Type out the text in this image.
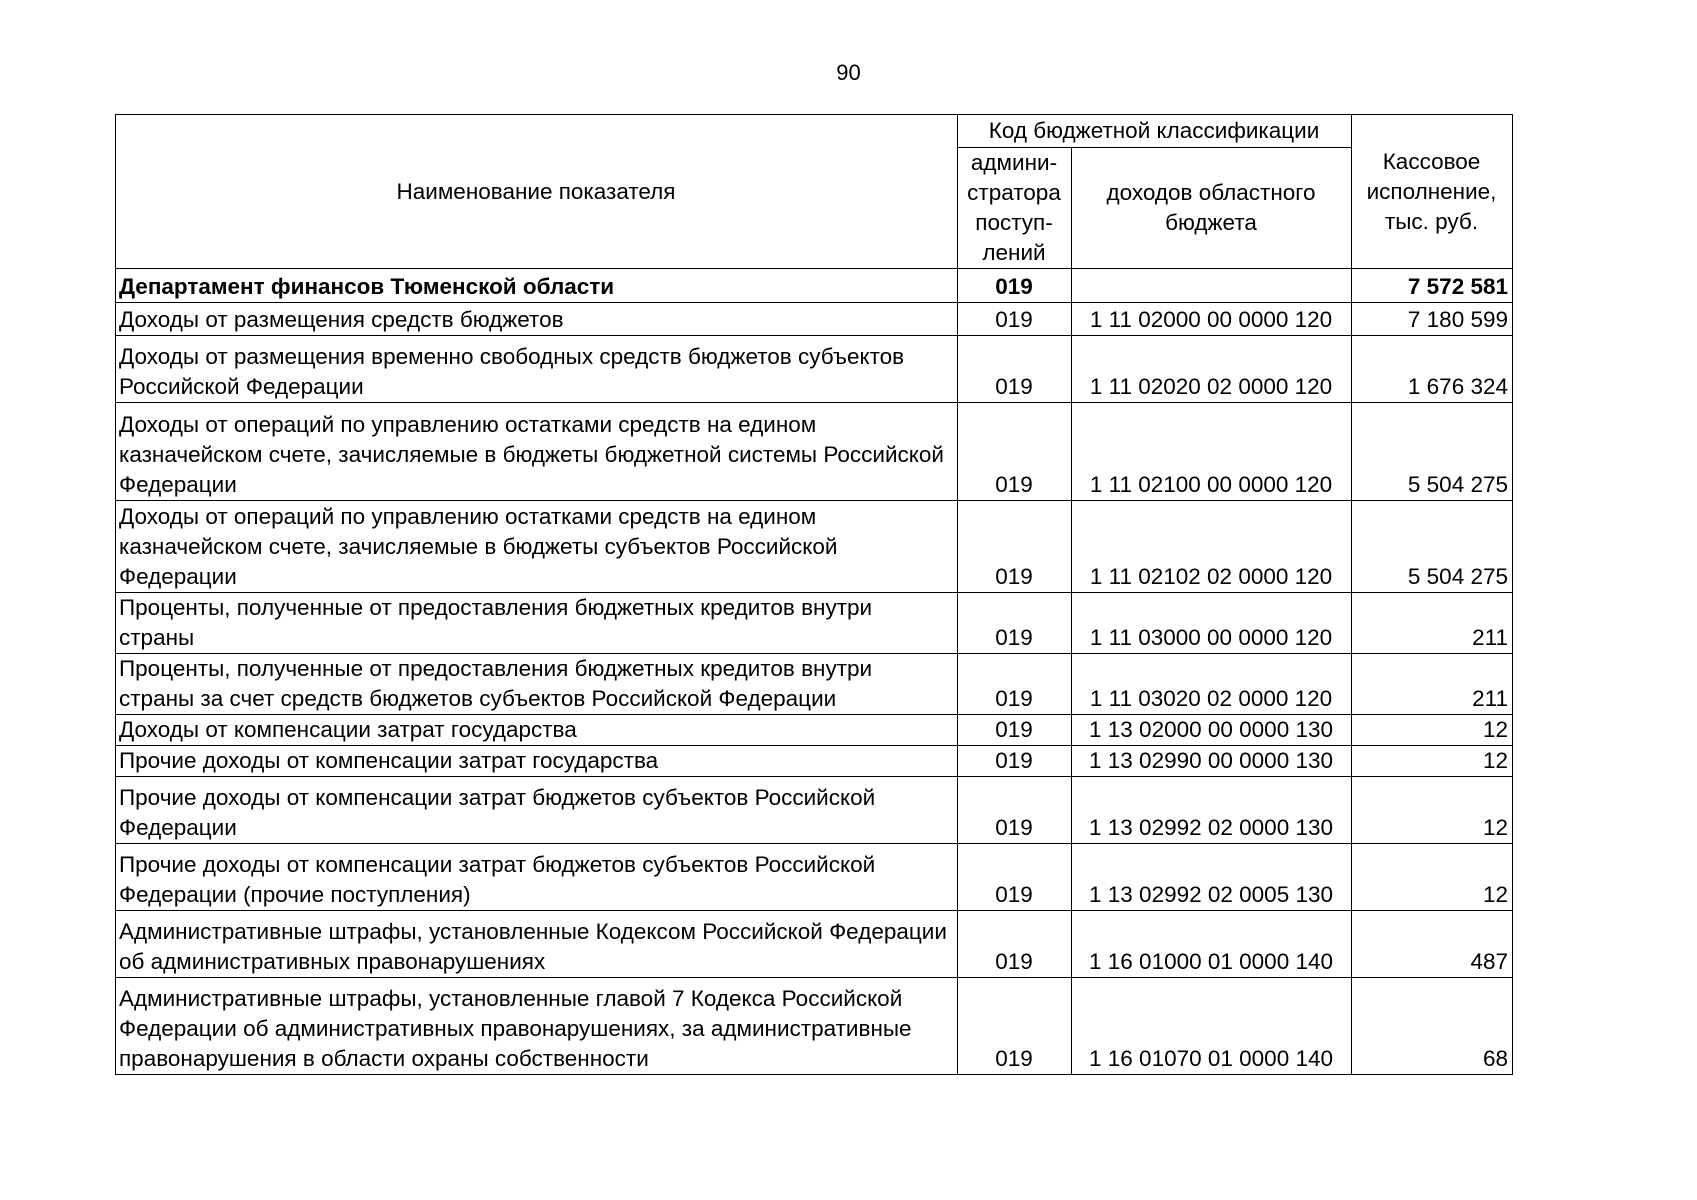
90
Наименование показателя	Код бюджетной классификации		Кассовое исполнение, тыс. руб.
	админи-стратора поступ-лений	доходов областного бюджета	
Департамент финансов Тюменской области	019		7 572 581
Доходы от размещения средств бюджетов	019	1 11 02000 00 0000 120	7 180 599
Доходы от размещения временно свободных средств бюджетов субъектов Российской Федерации	019	1 11 02020 02 0000 120	1 676 324
Доходы от операций по управлению остатками средств на едином казначейском счете, зачисляемые в бюджеты бюджетной системы Российской Федерации	019	1 11 02100 00 0000 120	5 504 275
Доходы от операций по управлению остатками средств на едином казначейском счете, зачисляемые в бюджеты субъектов Российской Федерации	019	1 11 02102 02 0000 120	5 504 275
Проценты, полученные от предоставления бюджетных кредитов внутри страны	019	1 11 03000 00 0000 120	211
Проценты, полученные от предоставления бюджетных кредитов внутри страны за счет средств бюджетов субъектов Российской Федерации	019	1 11 03020 02 0000 120	211
Доходы от компенсации затрат государства	019	1 13 02000 00 0000 130	12
Прочие доходы от компенсации затрат государства	019	1 13 02990 00 0000 130	12
Прочие доходы от компенсации затрат бюджетов субъектов Российской Федерации	019	1 13 02992 02 0000 130	12
Прочие доходы от компенсации затрат бюджетов субъектов Российской Федерации (прочие поступления)	019	1 13 02992 02 0005 130	12
Административные штрафы, установленные Кодексом Российской Федерации об административных правонарушениях	019	1 16 01000 01 0000 140	487
Административные штрафы, установленные главой 7 Кодекса Российской Федерации об административных правонарушениях, за административные правонарушения в области охраны собственности	019	1 16 01070 01 0000 140	68
